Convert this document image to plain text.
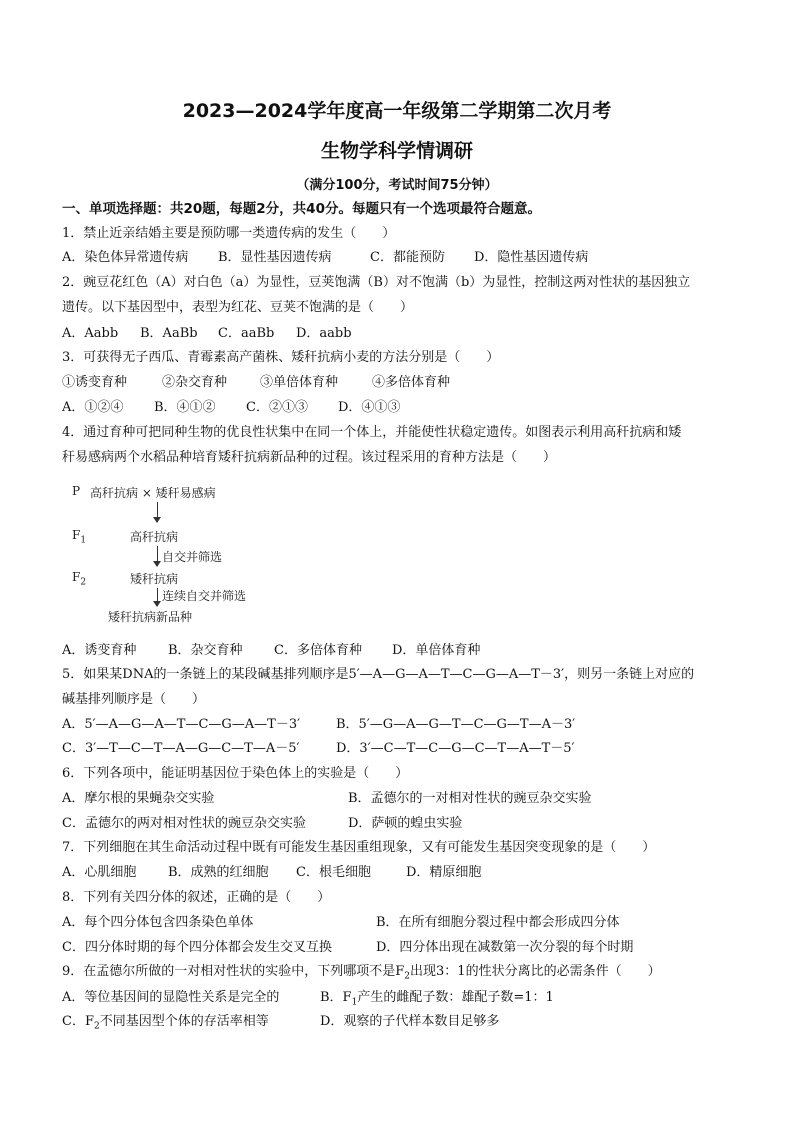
2023—2024学年度高一年级第二学期第二次月考
生物学科学情调研
（满分100分，考试时间75分钟）
一、单项选择题：共20题，每题2分，共40分。每题只有一个选项最符合题意。
1．禁止近亲结婚主要是预防哪一类遗传病的发生（　　）
A．染色体异常遗传病 B．显性基因遗传病	C．都能预防 D．隐性基因遗传病
2．豌豆花红色（A）对白色（a）为显性，豆荚饱满（B）对不饱满（b）为显性，控制这两对性状的基因独立
遗传。以下基因型中，表型为红花、豆荚不饱满的是（　　）
A．Aabb B．AaBb C．aaBb D．aabb
3．可获得无子西瓜、青霉素高产菌株、矮秆抗病小麦的方法分别是（　　）
①诱变育种	②杂交育种	③单倍体育种	④多倍体育种
A．①②④ B．④①② C．②①③ D．④①③
4．通过育种可把同种生物的优良性状集中在同一个体上，并能使性状稳定遗传。如图表示利用高秆抗病和矮
秆易感病两个水稻品种培育矮秆抗病新品种的过程。该过程采用的育种方法是（　　）
P 高秆抗病 × 矮秆易感病
$F_1$	高秆抗病
自交并筛选
$F_2$	矮秆抗病
连续自交并筛选
矮秆抗病新品种
A．诱变育种 B．杂交育种 C．多倍体育种 D．单倍体育种
5．如果某DNA的一条链上的某段碱基排列顺序是5′—A—G—A—T—C—G—A—T－3′，则另一条链上对应的
碱基排列顺序是（　　）
A．5′—A—G—A—T—C—G—A—T－3′	B．5′—G—A—G—T—C—G—T—A－3′
C．3′—T—C—T—A—G—C—T—A－5′	D．3′—C—T—C—G—C—T—A—T－5′
6．下列各项中，能证明基因位于染色体上的实验是（　　）
A．摩尔根的果蝇杂交实验	B．孟德尔的一对相对性状的豌豆杂交实验
C．孟德尔的两对相对性状的豌豆杂交实验	D．萨顿的蝗虫实验
7．下列细胞在其生命活动过程中既有可能发生基因重组现象，又有可能发生基因突变现象的是（　　）
A．心肌细胞 B．成熟的红细胞 C．根毛细胞	D．精原细胞
8．下列有关四分体的叙述，正确的是（　　）
A．每个四分体包含四条染色单体	B．在所有细胞分裂过程中都会形成四分体
C．四分体时期的每个四分体都会发生交叉互换	D．四分体出现在减数第一次分裂的每个时期
9．在孟德尔所做的一对相对性状的实验中，下列哪项不是$F_2$出现3：1的性状分离比的必需条件（　　）
A．等位基因间的显隐性关系是完全的	B．$F_1$产生的雌配子数：雄配子数=1：1
C．$F_2$不同基因型个体的存活率相等	D．观察的子代样本数目足够多
